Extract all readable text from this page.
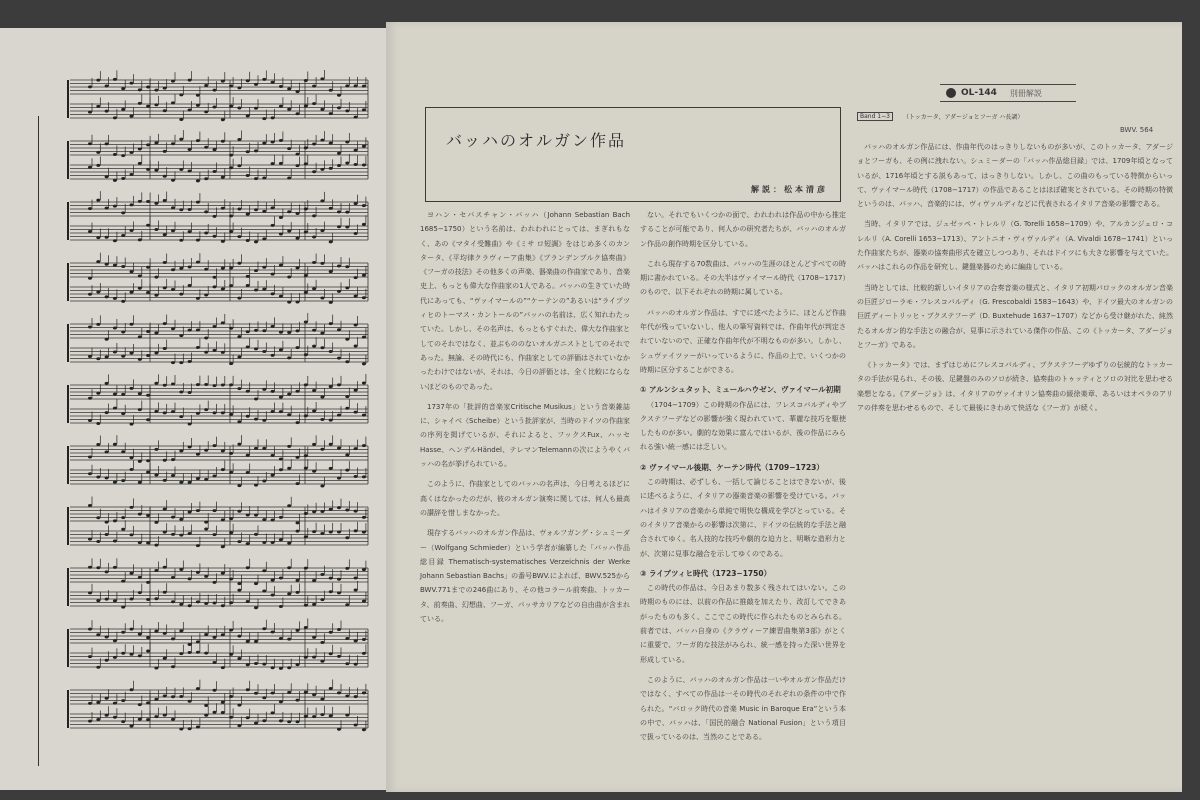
OL-144 別冊解説
バッハのオルガン作品
解説：松本清彦
Band 1−3	（トッカータ、アダージョとフーガ ハ長調）
BWV. 564

ヨハン・セバスチャン・バッハ（Johann Sebastian Bach 1685−1750）という名前は、われわれにとっては、まぎれもなく、あの《マタイ受難曲》や《ミサ ロ短調》をはじめ多くのカンタータ、《平均律クラヴィーア曲集》《ブランデンブルク協奏曲》《フーガの技法》その他多くの声楽、器楽曲の作曲家であり、音楽史上、もっとも偉大な作曲家の1人である。バッハの生きていた時代にあっても、“ヴァイマールの”“ケーテンの”あるいは“ライプツィヒのトーマス・カントールの”バッハの名前は、広く知れわたっていた。しかし、その名声は、もっともすぐれた、偉大な作曲家としてのそれではなく、並ぶもののないオルガニストとしてのそれであった。無論、その時代にも、作曲家としての評価はされていなかったわけではないが、それは、今日の評価とは、全く比較にならないほどのものであった。

1737年の「批評的音楽家Critische Musikus」という音楽雑誌に、シャイベ（Scheibe）という批評家が、当時のドイツの作曲家の序列を掲げているが、それによると、フックスFux、ハッセHasse、ヘンデルHändel、テレマンTelemannの次にようやくバッハの名が挙げられている。

このように、作曲家としてのバッハの名声は、今日考えるほどに高くはなかったのだが、彼のオルガン演奏に関しては、何人も最高の讃辞を惜しまなかった。

現存するバッハのオルガン作品は、ヴォルフガング・シュミーダー（Wolfgang Schmieder）という学者が編纂した「バッハ作品総目録 Thematisch-systematisches Verzeichnis der Werke Johann Sebastian Bachs」の番号BWV.によれば、BWV.525からBWV.771までの246曲にあり、その他コラール前奏曲、トッカータ、前奏曲、幻想曲、フーガ、パッサカリアなどの自由曲が含まれている。

ない。それでもいくつかの面で、われわれは作品の中から推定することが可能であり、何人かの研究者たちが、バッハのオルガン作品の創作時期を区分している。

これら現存する70数曲は、バッハの生涯のほとんどすべての時期に書かれている。その大半はヴァイマール時代（1708−1717）のもので、以下それぞれの時期に属している。

バッハのオルガン作品は、すでに述べたように、ほとんど作曲年代が残っていないし、他人の筆写資料では、作曲年代が判定されていないので、正確な作曲年代が不明なものが多い。しかし、シュヴァイツァーがいっているように、作品の上で、いくつかの時期に区分することができる。

① アルンシュタット、ミュールハウゼン、ヴァイマール初期

（1704−1709）この時期の作品には、フレスコバルディやブクステフーデなどの影響が強く現われていて、華麗な技巧を駆使したものが多い。劇的な効果に富んではいるが、後の作品にみられる強い統一感には乏しい。

② ヴァイマール後期、ケーテン時代（1709−1723）

この時期は、必ずしも、一括して論じることはできないが、後に述べるように、イタリアの器楽音楽の影響を受けている。バッハはイタリアの音楽から単純で明快な構成を学びとっている。そのイタリア音楽からの影響は次第に、ドイツの伝統的な手法と融合されてゆく。名人技的な技巧や劇的な迫力と、明晰な造形力とが、次第に見事な融合を示してゆくのである。

③ ライプツィヒ時代（1723−1750）

この時代の作品は、今日あまり数多く残されてはいない。この時期のものには、以前の作品に推敲を加えたり、改訂してできあがったものも多く、ここでこの時代に作られたものとみられる。前者では、バッハ自身の《クラヴィーア練習曲集第3部》がとくに重要で、フーガ的な技法がみられ、統一感を持った深い世界を形成している。

このように、バッハのオルガン作品は一いやオルガン作品だけではなく、すべての作品は一その時代のそれぞれの条件の中で作られた。“バロック時代の音楽 Music in Baroque Era”という本の中で、バッハは、「国民的融合 National Fusion」という項目で扱っているのは、当然のことである。

バッハのオルガン作品には、作曲年代のはっきりしないものが多いが、このトッカータ、アダージョとフーガも、その例に洩れない。シュミーダーの「バッハ作品総目録」では、1709年頃となっているが、1716年頃とする説もあって、はっきりしない。しかし、この曲のもっている特徴からいって、ヴァイマール時代（1708−1717）の作品であることはほぼ確実とされている。その時期の特徴というのは、バッハ、音楽的には、ヴィヴァルディなどに代表されるイタリア音楽の影響である。

当時、イタリアでは、ジュゼッペ・トレルリ（G. Torelli 1658−1709）や、アルカンジェロ・コレルリ（A. Corelli 1653−1713）、アントニオ・ヴィヴァルディ（A. Vivaldi 1678−1741）といった作曲家たちが、器楽の協奏曲形式を確立しつつあり、それはドイツにも大きな影響を与えていた。バッハはこれらの作品を研究し、鍵盤楽器のために編曲している。

当時としては、比較的新しいイタリアの合奏音楽の様式と、イタリア初期バロックのオルガン音楽の巨匠ジローラモ・フレスコバルディ（G. Frescobaldi 1583−1643）や、ドイツ最大のオルガンの巨匠ディートリッヒ・ブクステフーデ（D. Buxtehude 1637−1707）などから受け継がれた、純然たるオルガン的な手法との融合が、見事に示されている傑作の作品、この《トッカータ、アダージョとフーガ》である。

《トッカータ》では、まずはじめにフレスコバルディ、ブクステフーデゆずりの伝統的なトッカータの手法が見られ、その後、足鍵盤のみのソロが続き、協奏曲のトゥッティとソロの対比を思わせる楽想となる。《アダージョ》は、イタリアのヴァイオリン協奏曲の緩徐楽章、あるいはオペラのアリアの伴奏を思わせるもので、そして最後にきわめて快活な《フーガ》が続く。
